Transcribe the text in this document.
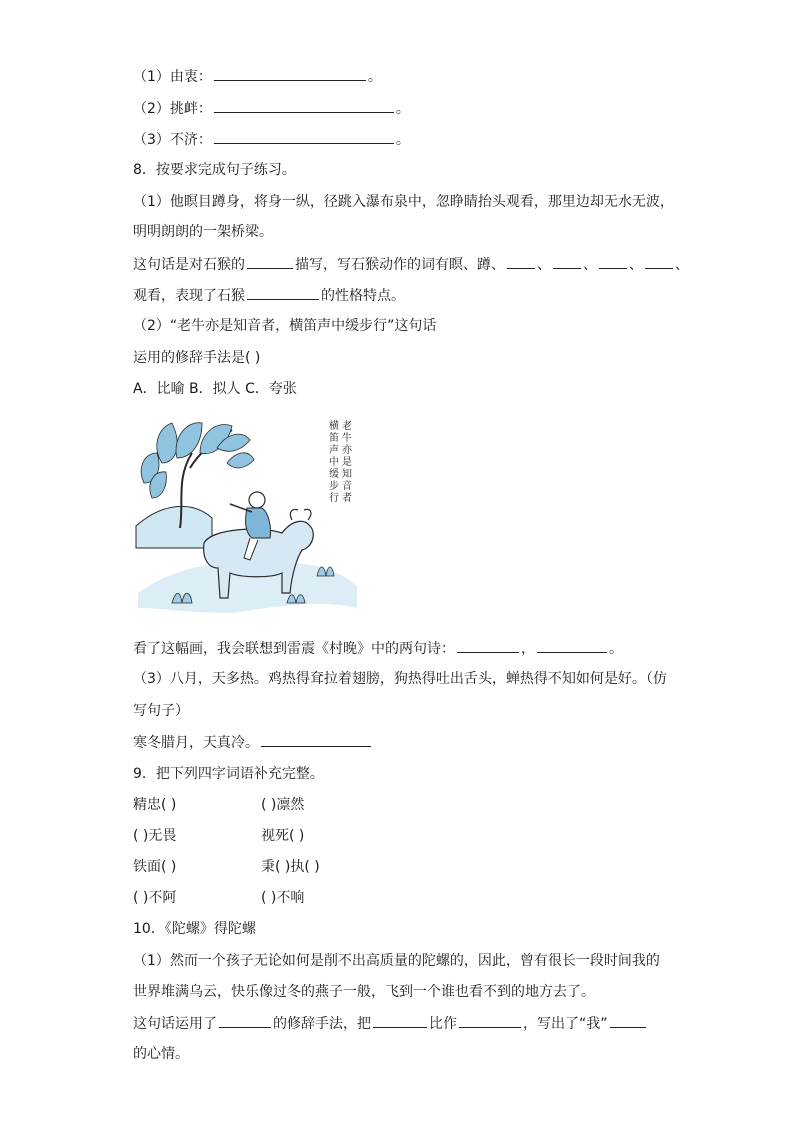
（1）由衷：	。
（2）挑衅：	。
（3）不济：	。
8．按要求完成句子练习。
（1）他瞑目蹲身，将身一纵，径跳入瀑布泉中，忽睁睛抬头观看，那里边却无水无波，
明明朗朗的一架桥梁。
这句话是对石猴的	描写，写石猴动作的词有瞑、蹲、 、 、 、 、
观看，表现了石猴	的性格特点。
（2）“老牛亦是知音者，横笛声中缓步行”这句话
运用的修辞手法是( )
A．比喻 B．拟人 C．夸张
老牛亦是知音者
横笛声中缓步行
看了这幅画，我会联想到雷震《村晚》中的两句诗：	，	。
（3）八月，天多热。鸡热得耷拉着翅膀，狗热得吐出舌头，蝉热得不知如何是好。（仿
写句子）
寒冬腊月，天真冷。
9．把下列四字词语补充完整。
精忠( )	( )凛然
( )无畏	视死( )
铁面( )	秉( )执( )
( )不阿	( )不响
10．《陀螺》得陀螺
（1）然而一个孩子无论如何是削不出高质量的陀螺的，因此，曾有很长一段时间我的
世界堆满乌云，快乐像过冬的燕子一般，飞到一个谁也看不到的地方去了。
这句话运用了	的修辞手法，把	比作	，写出了“我”
的心情。
